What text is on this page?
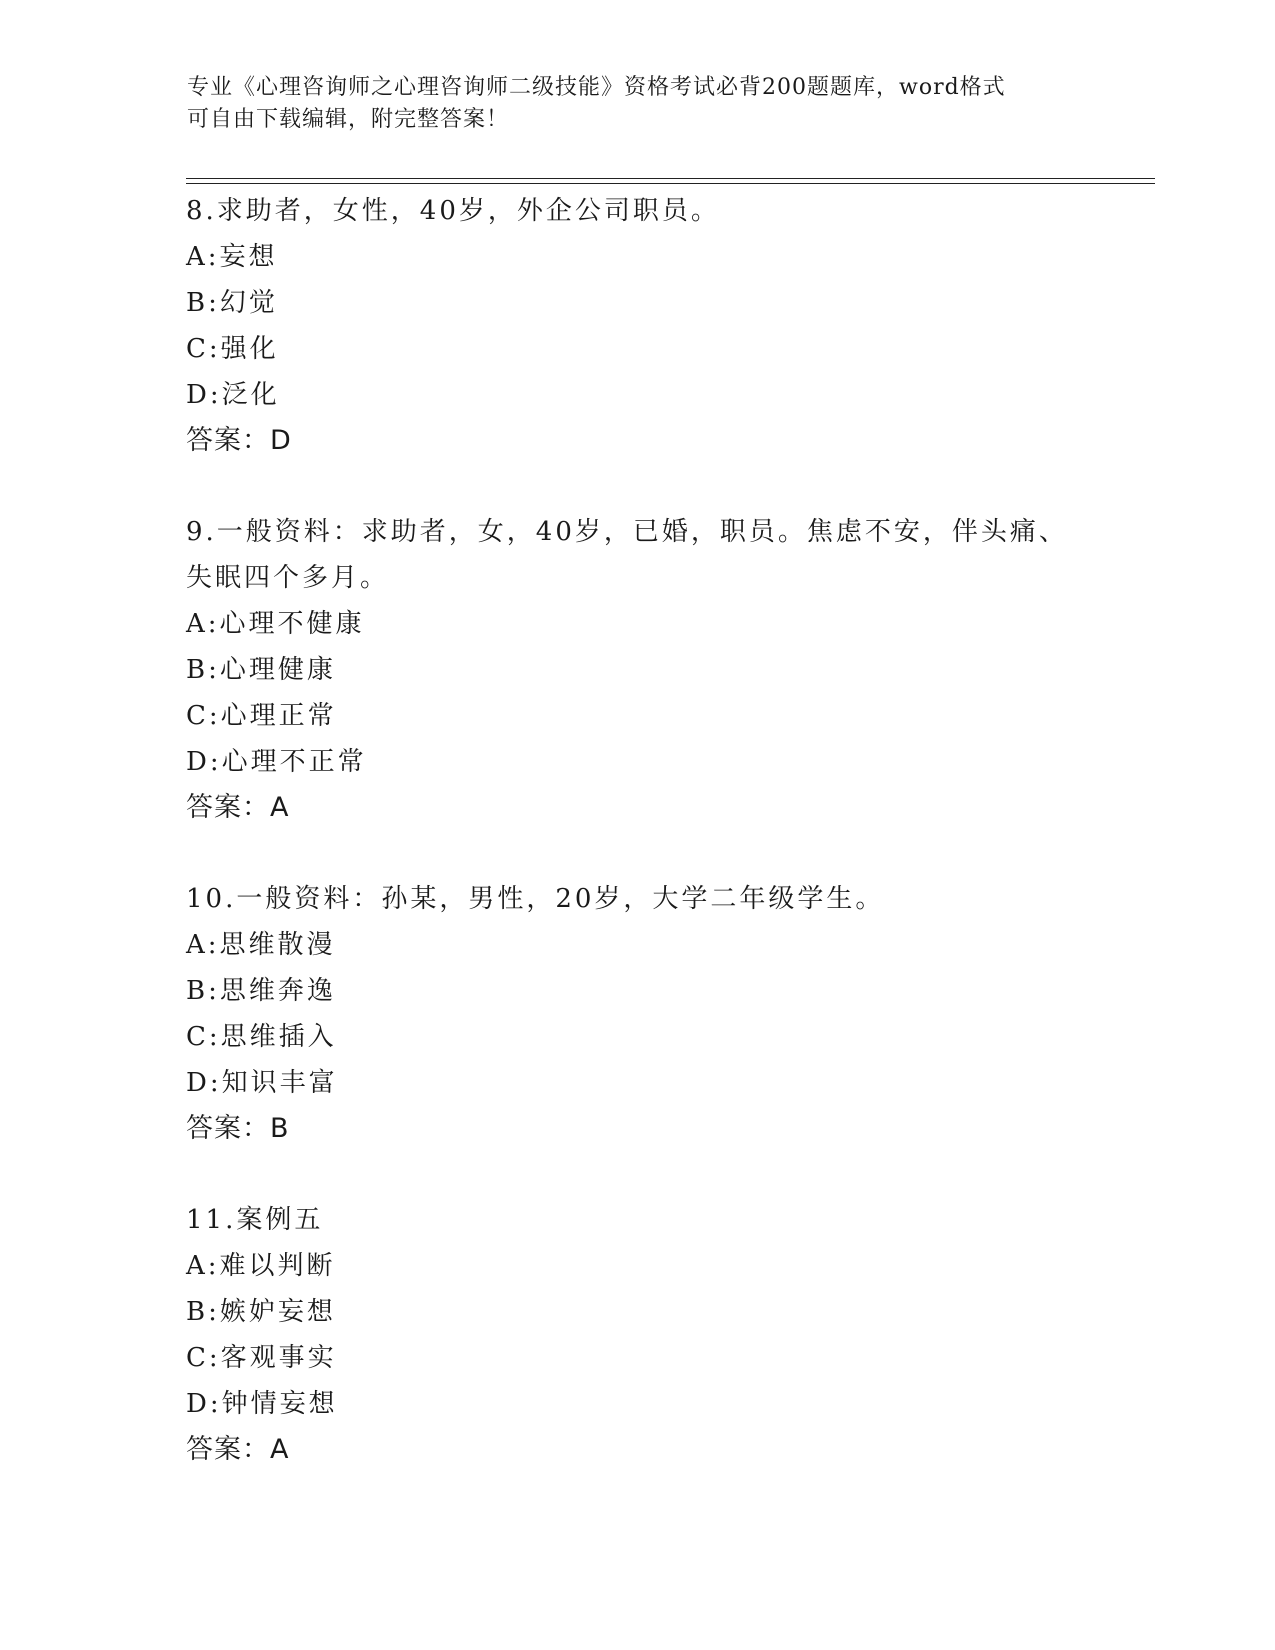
专业《心理咨询师之心理咨询师二级技能》资格考试必背200题题库，word格式
可自由下载编辑，附完整答案！
8.求助者，女性，40岁，外企公司职员。
A:妄想
B:幻觉
C:强化
D:泛化
答案：D
9.一般资料：求助者，女，40岁，已婚，职员。焦虑不安，伴头痛、失眠四个多月。
A:心理不健康
B:心理健康
C:心理正常
D:心理不正常
答案：A
10.一般资料：孙某，男性，20岁，大学二年级学生。
A:思维散漫
B:思维奔逸
C:思维插入
D:知识丰富
答案：B
11.案例五
A:难以判断
B:嫉妒妄想
C:客观事实
D:钟情妄想
答案：A
